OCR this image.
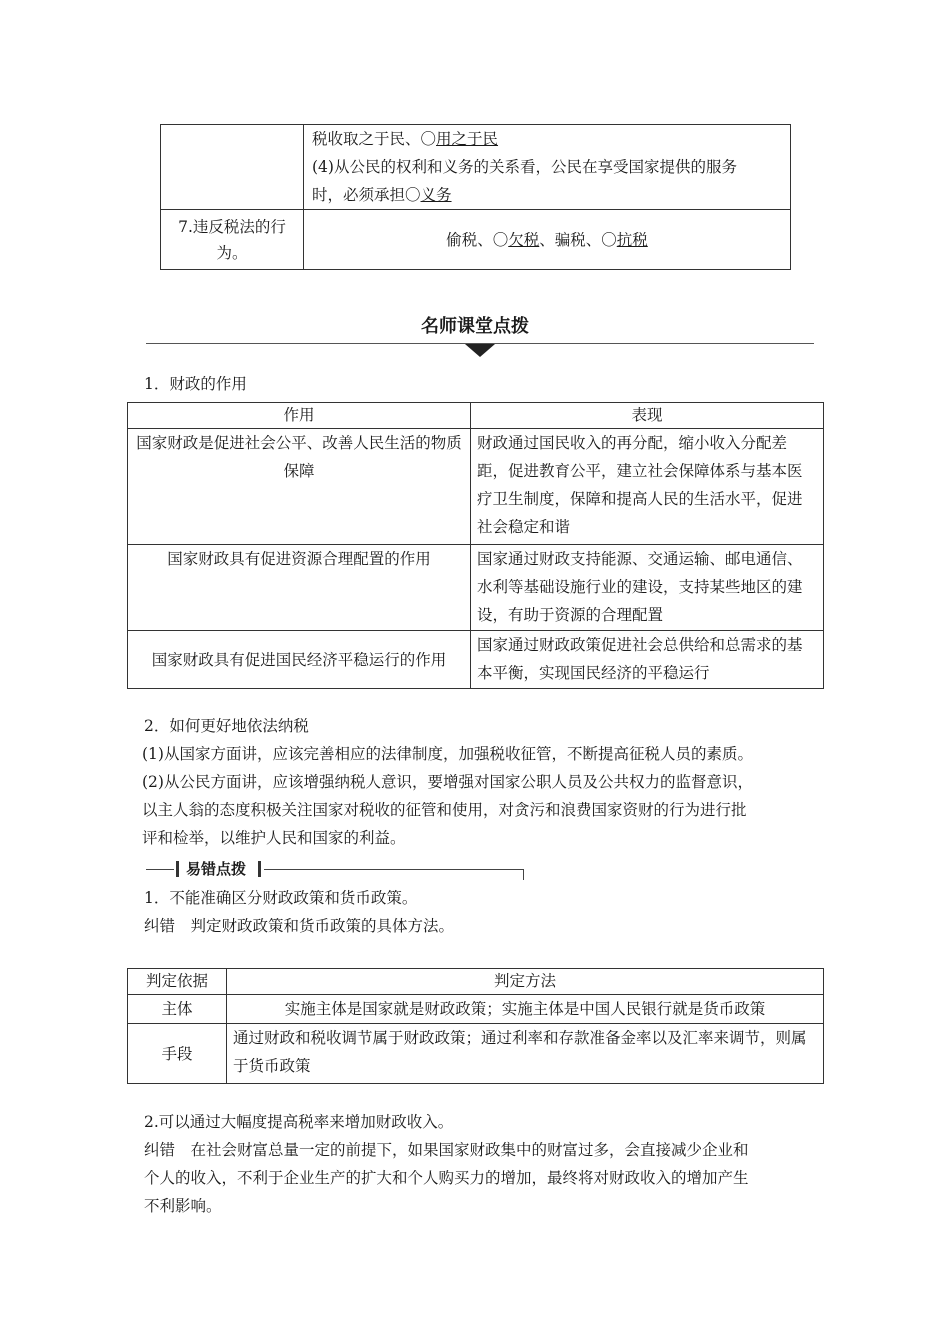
	税收取之于民、〇用之于民
(4)从公民的权利和义务的关系看，公民在享受国家提供的服务
时，必须承担〇义务

7.违反税法的行为。	偷税、〇欠税、骗税、〇抗税
名师课堂点拨
1．财政的作用
作用	表现
国家财政是促进社会公平、改善人民生活的物质保障	财政通过国民收入的再分配，缩小收入分配差距，促进教育公平，建立社会保障体系与基本医疗卫生制度，保障和提高人民的生活水平，促进社会稳定和谐
国家财政具有促进资源合理配置的作用	国家通过财政支持能源、交通运输、邮电通信、水利等基础设施行业的建设，支持某些地区的建设，有助于资源的合理配置
国家财政具有促进国民经济平稳运行的作用	国家通过财政政策促进社会总供给和总需求的基本平衡，实现国民经济的平稳运行
2．如何更好地依法纳税
(1)从国家方面讲，应该完善相应的法律制度，加强税收征管，不断提高征税人员的素质。
(2)从公民方面讲，应该增强纳税人意识，要增强对国家公职人员及公共权力的监督意识，
以主人翁的态度积极关注国家对税收的征管和使用，对贪污和浪费国家资财的行为进行批
评和检举，以维护人民和国家的利益。
易错点拨
1．不能准确区分财政政策和货币政策。
纠错　判定财政政策和货币政策的具体方法。
判定依据	判定方法
主体	实施主体是国家就是财政政策；实施主体是中国人民银行就是货币政策
手段	通过财政和税收调节属于财政政策；通过利率和存款准备金率以及汇率来调节，则属于货币政策
2.可以通过大幅度提高税率来增加财政收入。
纠错　在社会财富总量一定的前提下，如果国家财政集中的财富过多，会直接减少企业和
个人的收入，不利于企业生产的扩大和个人购买力的增加，最终将对财政收入的增加产生
不利影响。
